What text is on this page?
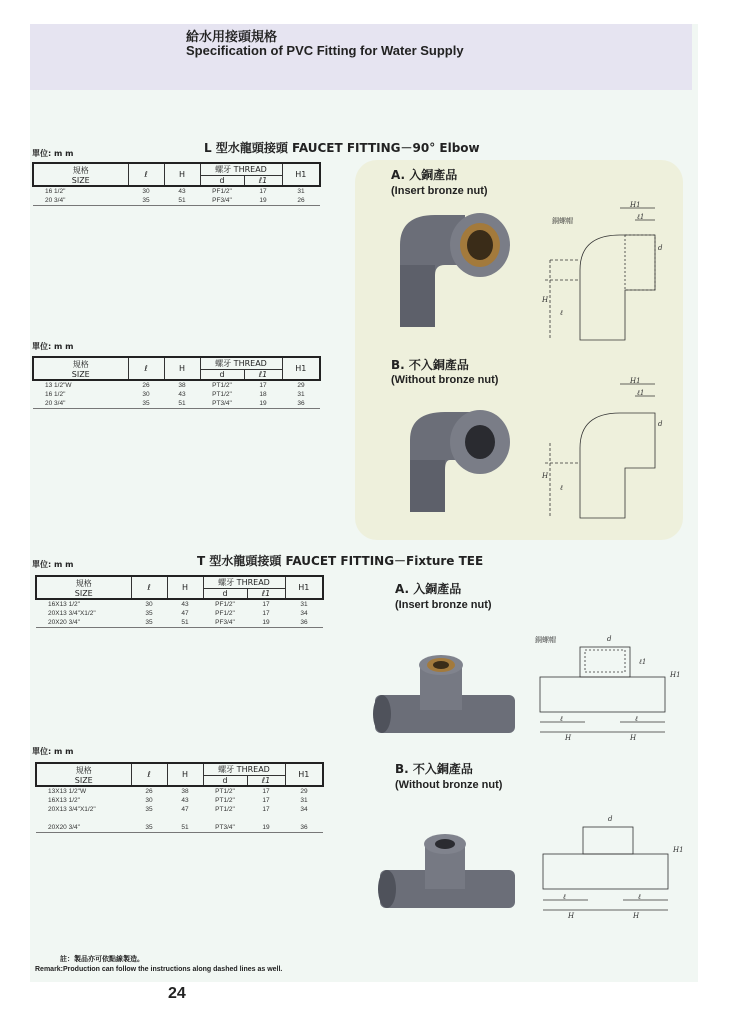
給水用接頭規格
Specification of PVC Fitting for Water Supply
L 型水龍頭接頭 FAUCET FITTING－90° Elbow
T 型水龍頭接頭 FAUCET FITTING－Fixture TEE
單位: m m
單位: m m
單位: m m
單位: m m
規格
SIZE	ℓ	H	螺牙 THREAD		H1
			d	ℓ1	
16 1/2"	30	43	PF1/2"	17	31
20 3/4"	35	51	PF3/4"	19	26
規格
SIZE	ℓ	H	螺牙 THREAD		H1
			d	ℓ1	
13 1/2"W	26	38	PT1/2"	17	29
16 1/2"	30	43	PT1/2"	18	31
20 3/4"	35	51	PT3/4"	19	36
規格
SIZE	ℓ	H	螺牙 THREAD		H1
			d	ℓ1	
16X13 1/2"	30	43	PF1/2"	17	31
20X13 3/4"X1/2"	35	47	PF1/2"	17	34
20X20 3/4"	35	51	PF3/4"	19	36
規格
SIZE	ℓ	H	螺牙 THREAD		H1
			d	ℓ1	
13X13 1/2"W	26	38	PT1/2"	17	29
16X13 1/2"	30	43	PT1/2"	17	31
20X13 3/4"X1/2"	35	47	PT1/2"	17	34

20X20 3/4"	35	51	PT3/4"	19	36
A. 入銅產品
(Insert bronze nut)
B. 不入銅產品
(Without bronze nut)
銅螺帽
H1
ℓ1
d
H
ℓ
H1
ℓ1
d
H
ℓ
A. 入銅產品
(Insert bronze nut)
B. 不入銅產品
(Without bronze nut)
銅螺帽	d
ℓ1
H1
ℓ	ℓ
H	H
d
H1
ℓ	ℓ
H	H
註：製品亦可依點線製造。
Remark:Production can follow the instructions along dashed lines as well.
24
